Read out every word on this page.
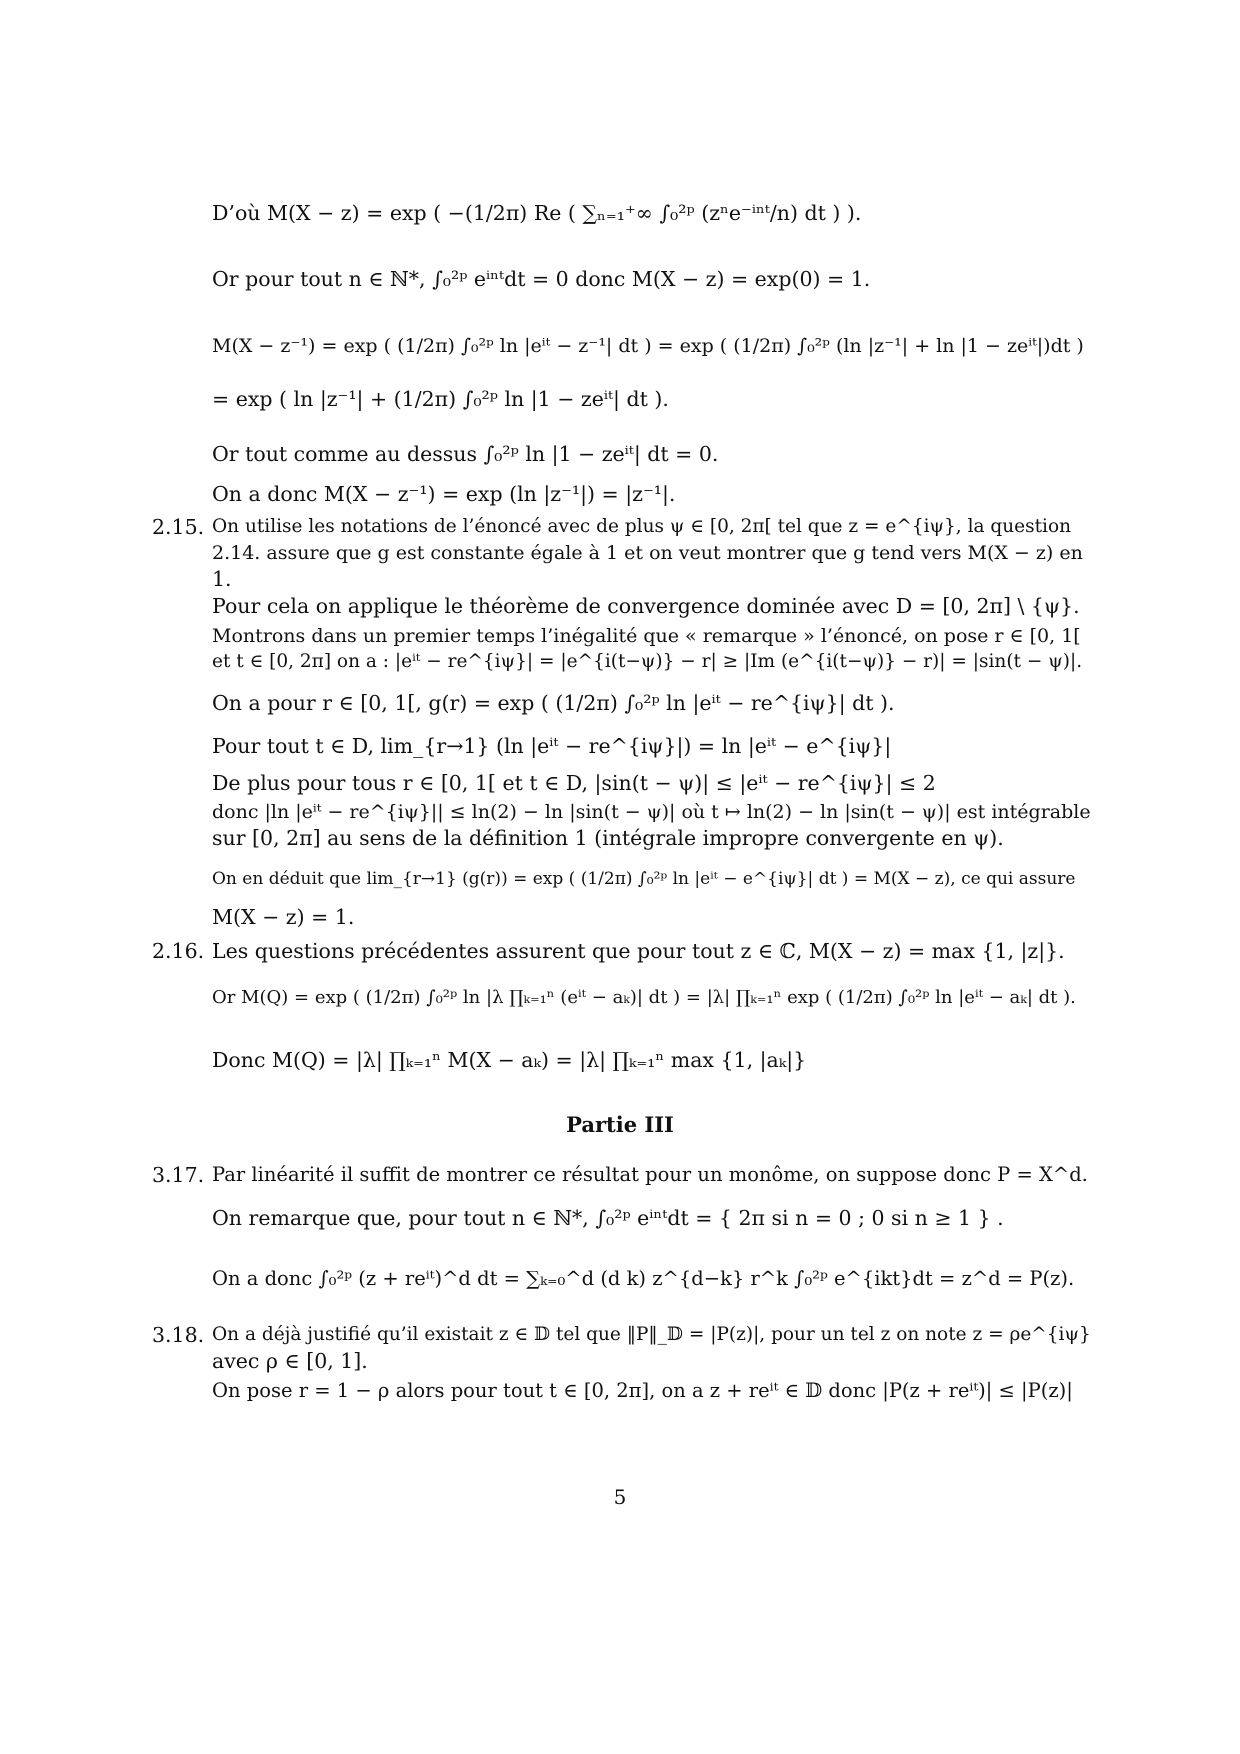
D’où M(X − z) = exp ( −(1/2π) Re ( ∑ₙ₌₁⁺∞ ∫₀²ᵖ (zⁿe⁻ⁱⁿᵗ/n) dt ) ).
Or pour tout n ∈ ℕ*, ∫₀²ᵖ eⁱⁿᵗdt = 0 donc M(X − z) = exp(0) = 1.
M(X − z⁻¹) = exp ( (1/2π) ∫₀²ᵖ ln |eⁱᵗ − z⁻¹| dt ) = exp ( (1/2π) ∫₀²ᵖ (ln |z⁻¹| + ln |1 − zeⁱᵗ|)dt )
= exp ( ln |z⁻¹| + (1/2π) ∫₀²ᵖ ln |1 − zeⁱᵗ| dt ).
Or tout comme au dessus ∫₀²ᵖ ln |1 − zeⁱᵗ| dt = 0.
On a donc M(X − z⁻¹) = exp (ln |z⁻¹|) = |z⁻¹|.
2.15. On utilise les notations de l’énoncé avec de plus ψ ∈ [0, 2π[ tel que z = e^{iψ}, la question
2.14. assure que g est constante égale à 1 et on veut montrer que g tend vers M(X − z) en
1.
Pour cela on applique le théorème de convergence dominée avec D = [0, 2π] \ {ψ}.
Montrons dans un premier temps l’inégalité que « remarque » l’énoncé, on pose r ∈ [0, 1[
et t ∈ [0, 2π] on a : |eⁱᵗ − re^{iψ}| = |e^{i(t−ψ)} − r| ≥ |Im (e^{i(t−ψ)} − r)| = |sin(t − ψ)|.
On a pour r ∈ [0, 1[, g(r) = exp ( (1/2π) ∫₀²ᵖ ln |eⁱᵗ − re^{iψ}| dt ).
Pour tout t ∈ D, lim_{r→1} (ln |eⁱᵗ − re^{iψ}|) = ln |eⁱᵗ − e^{iψ}|
De plus pour tous r ∈ [0, 1[ et t ∈ D, |sin(t − ψ)| ≤ |eⁱᵗ − re^{iψ}| ≤ 2
donc |ln |eⁱᵗ − re^{iψ}|| ≤ ln(2) − ln |sin(t − ψ)| où t ↦ ln(2) − ln |sin(t − ψ)| est intégrable
sur [0, 2π] au sens de la définition 1 (intégrale impropre convergente en ψ).
On en déduit que lim_{r→1} (g(r)) = exp ( (1/2π) ∫₀²ᵖ ln |eⁱᵗ − e^{iψ}| dt ) = M(X − z), ce qui assure
M(X − z) = 1.
2.16. Les questions précédentes assurent que pour tout z ∈ ℂ, M(X − z) = max {1, |z|}.
Or M(Q) = exp ( (1/2π) ∫₀²ᵖ ln |λ ∏ₖ₌₁ⁿ (eⁱᵗ − aₖ)| dt ) = |λ| ∏ₖ₌₁ⁿ exp ( (1/2π) ∫₀²ᵖ ln |eⁱᵗ − aₖ| dt ).
Donc M(Q) = |λ| ∏ₖ₌₁ⁿ M(X − aₖ) = |λ| ∏ₖ₌₁ⁿ max {1, |aₖ|}
Partie III
3.17. Par linéarité il suffit de montrer ce résultat pour un monôme, on suppose donc P = X^d.
On remarque que, pour tout n ∈ ℕ*, ∫₀²ᵖ eⁱⁿᵗdt = { 2π si n = 0 ; 0 si n ≥ 1 } .
On a donc ∫₀²ᵖ (z + reⁱᵗ)^d dt = ∑ₖ₌₀^d (d k) z^{d−k} r^k ∫₀²ᵖ e^{ikt}dt = z^d = P(z).
3.18. On a déjà justifié qu’il existait z ∈ 𝔻 tel que ‖P‖_𝔻 = |P(z)|, pour un tel z on note z = ρe^{iψ}
avec ρ ∈ [0, 1].
On pose r = 1 − ρ alors pour tout t ∈ [0, 2π], on a z + reⁱᵗ ∈ 𝔻 donc |P(z + reⁱᵗ)| ≤ |P(z)|
5
